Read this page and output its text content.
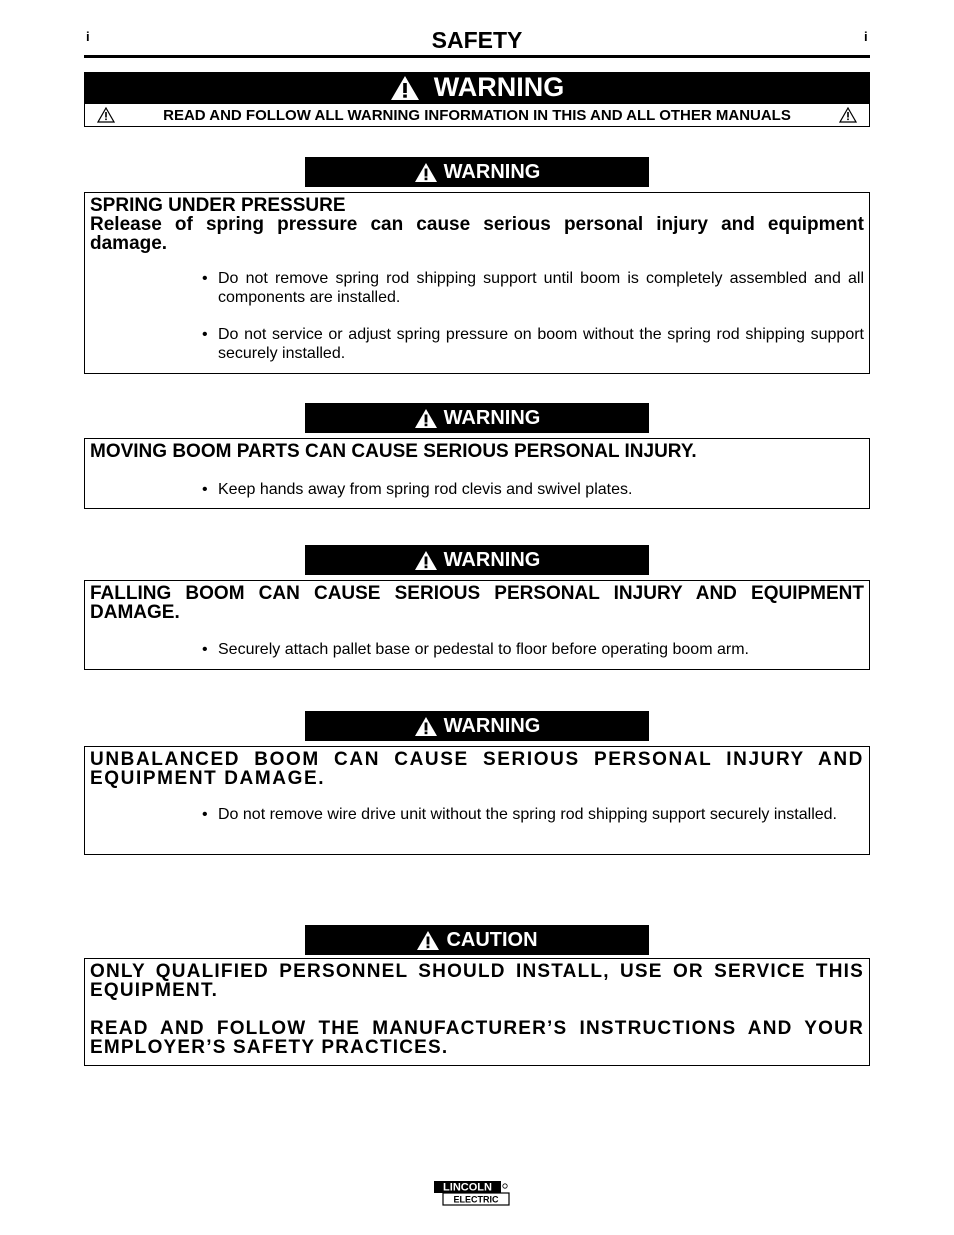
i	SAFETY	i
WARNING
READ AND FOLLOW ALL WARNING INFORMATION IN THIS AND ALL OTHER MANUALS
WARNING
SPRING UNDER PRESSURE
Release of spring pressure can cause serious personal injury and equipment damage.
• Do not remove spring rod shipping support until boom is completely assembled and all components are installed.
• Do not service or adjust spring pressure on boom without the spring rod shipping support securely installed.
WARNING
MOVING BOOM PARTS CAN CAUSE SERIOUS PERSONAL INJURY.
• Keep hands away from spring rod clevis and swivel plates.
WARNING
FALLING BOOM CAN CAUSE SERIOUS PERSONAL INJURY AND EQUIPMENT DAMAGE.
• Securely attach pallet base or pedestal to floor before operating boom arm.
WARNING
UNBALANCED BOOM CAN CAUSE SERIOUS PERSONAL INJURY AND EQUIPMENT DAMAGE.
• Do not remove wire drive unit without the spring rod shipping support securely installed.
CAUTION
ONLY QUALIFIED PERSONNEL SHOULD INSTALL, USE OR SERVICE THIS EQUIPMENT.
READ AND FOLLOW THE MANUFACTURER’S INSTRUCTIONS AND YOUR EMPLOYER’S SAFETY PRACTICES.
LINCOLN
ELECTRIC
